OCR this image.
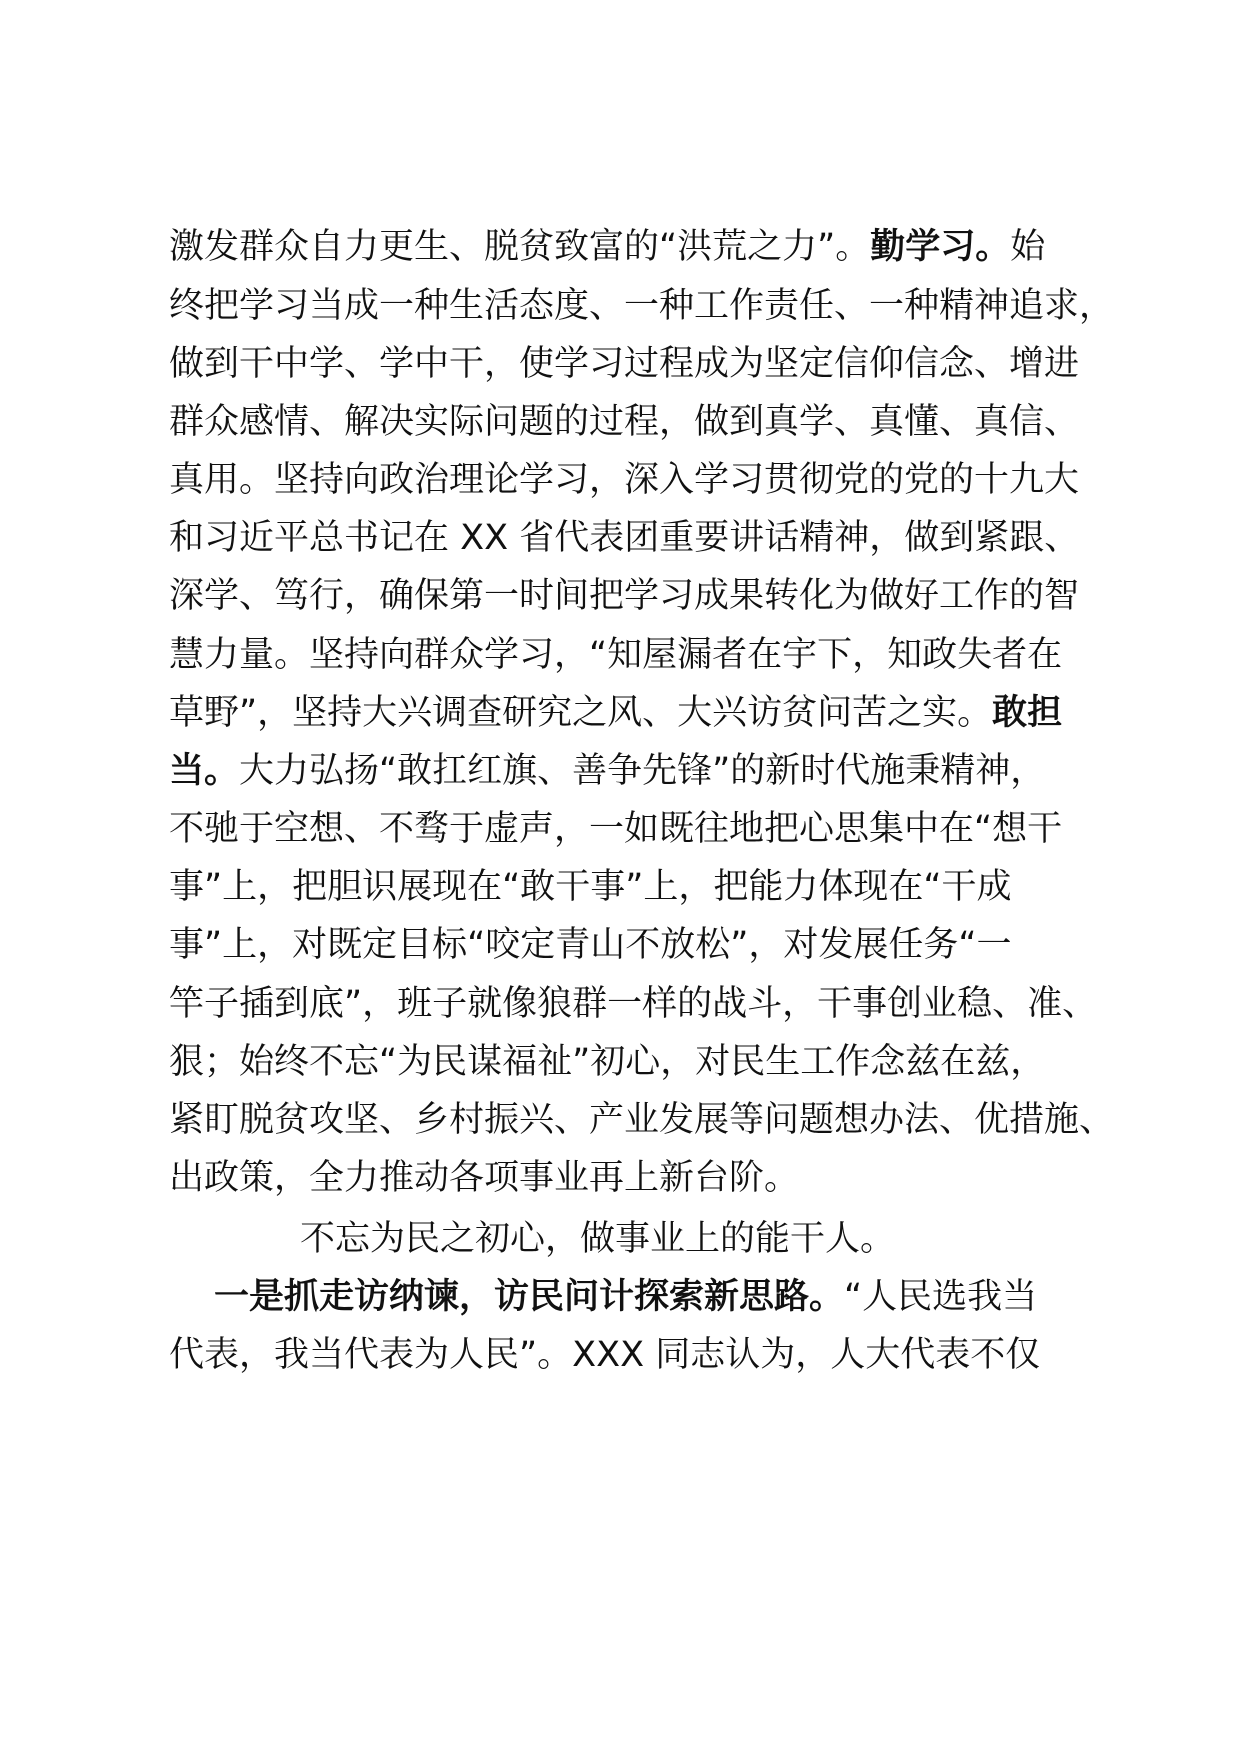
激发群众自力更生、脱贫致富的“洪荒之力”。勤学习。始
终把学习当成一种生活态度、一种工作责任、一种精神追求，
做到干中学、学中干，使学习过程成为坚定信仰信念、增进
群众感情、解决实际问题的过程，做到真学、真懂、真信、
真用。坚持向政治理论学习，深入学习贯彻党的党的十九大
和习近平总书记在 XX 省代表团重要讲话精神，做到紧跟、
深学、笃行，确保第一时间把学习成果转化为做好工作的智
慧力量。坚持向群众学习，“知屋漏者在宇下，知政失者在
草野”，坚持大兴调查研究之风、大兴访贫问苦之实。敢担
当。大力弘扬“敢扛红旗、善争先锋”的新时代施秉精神，
不驰于空想、不骛于虚声，一如既往地把心思集中在“想干
事”上，把胆识展现在“敢干事”上，把能力体现在“干成
事”上，对既定目标“咬定青山不放松”，对发展任务“一
竿子插到底”，班子就像狼群一样的战斗，干事创业稳、准、
狠；始终不忘“为民谋福祉”初心，对民生工作念兹在兹，
紧盯脱贫攻坚、乡村振兴、产业发展等问题想办法、优措施、
出政策，全力推动各项事业再上新台阶。
不忘为民之初心，做事业上的能干人。
一是抓走访纳谏，访民问计探索新思路。“人民选我当
代表，我当代表为人民”。XXX 同志认为，人大代表不仅
